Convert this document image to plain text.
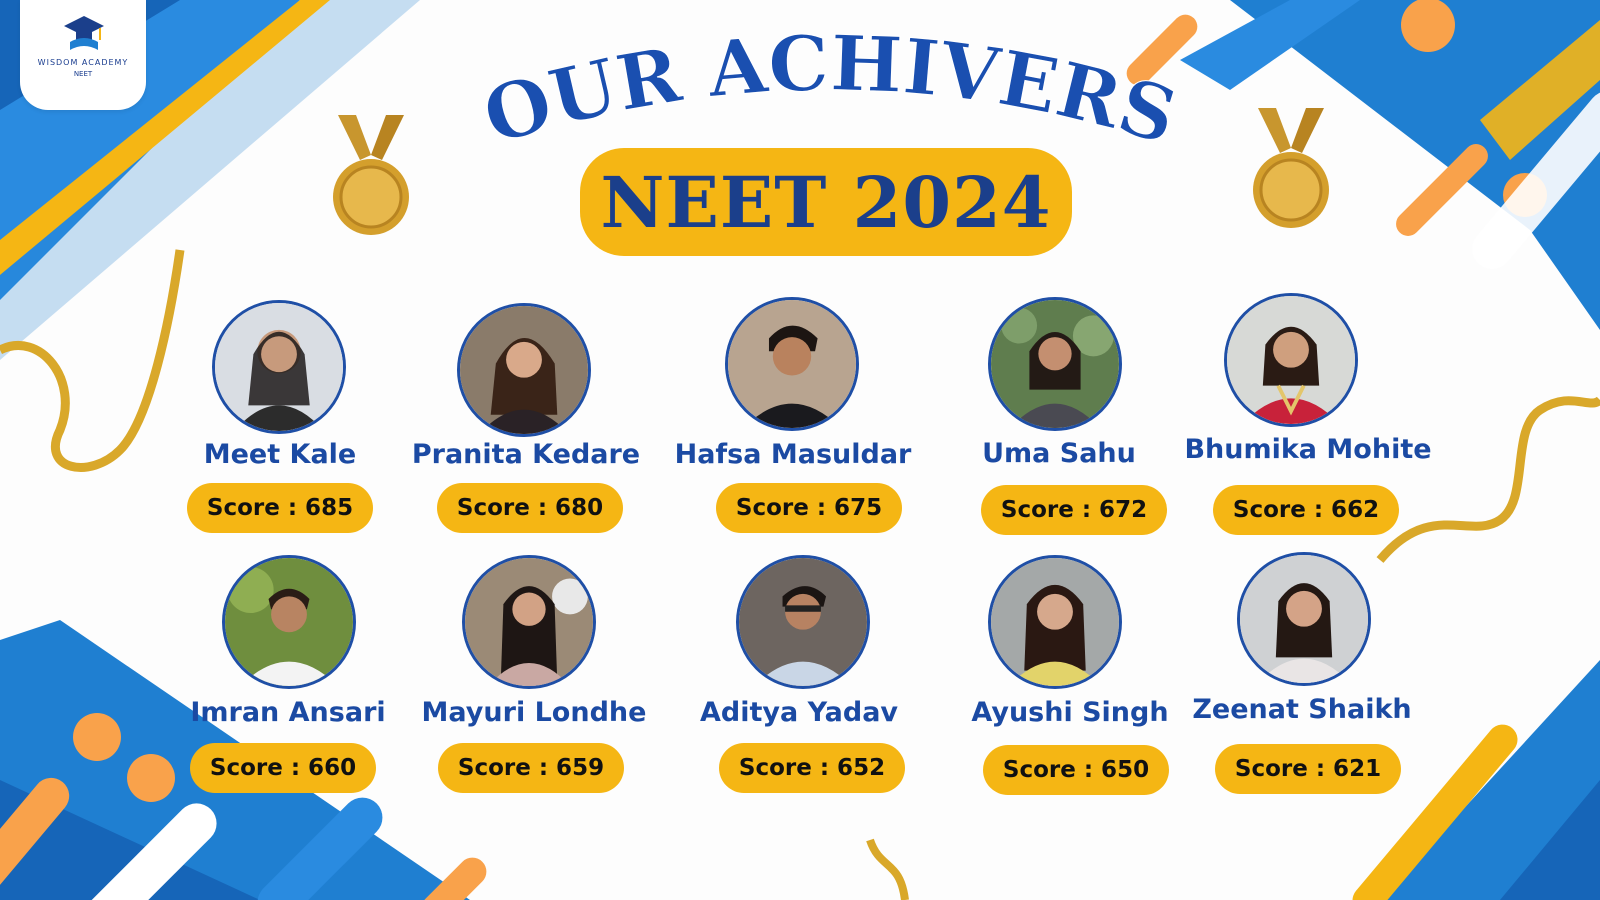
WISDOM ACADEMY
NEET	OUR ACHIVERS
NEET 2024
Meet Kale
Score : 685
Pranita Kedare
Score : 680
Hafsa Masuldar
Score : 675
Uma Sahu
Score : 672
Bhumika Mohite
Score : 662
Imran Ansari
Score : 660
Mayuri Londhe
Score : 659
Aditya Yadav
Score : 652
Ayushi Singh
Score : 650
Zeenat Shaikh
Score : 621
